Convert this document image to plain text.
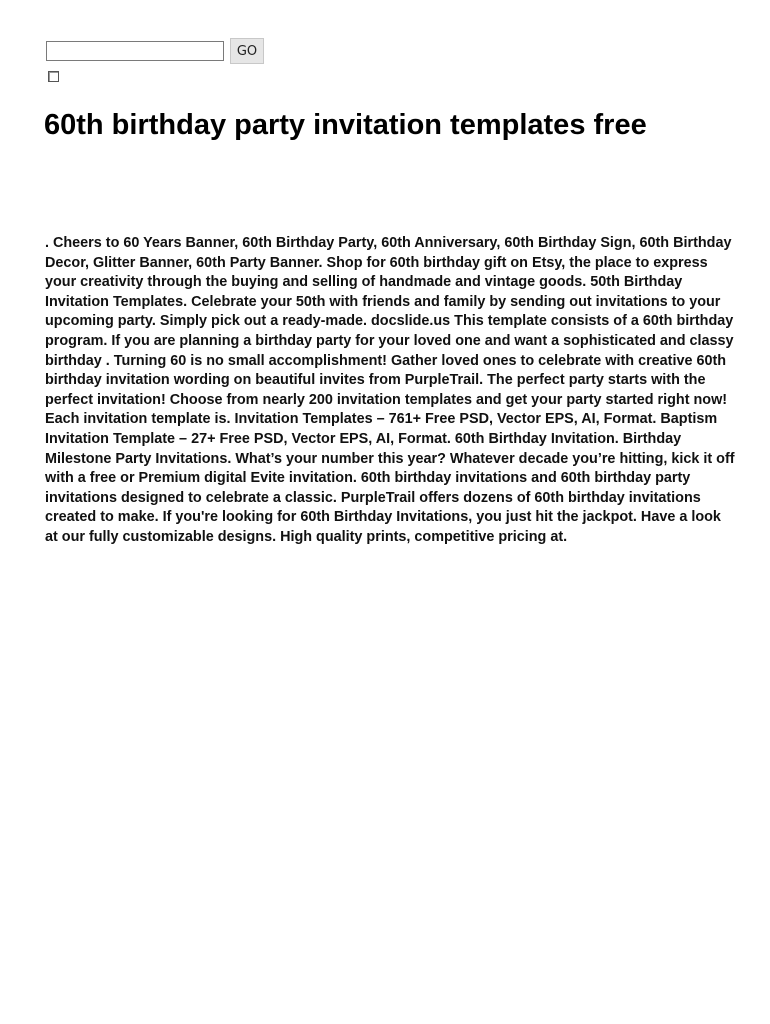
GO
60th birthday party invitation templates free

. Cheers to 60 Years Banner, 60th Birthday Party, 60th Anniversary, 60th Birthday Sign, 60th Birthday Decor, Glitter Banner, 60th Party Banner. Shop for 60th birthday gift on Etsy, the place to express your creativity through the buying and selling of handmade and vintage goods. 50th Birthday Invitation Templates. Celebrate your 50th with friends and family by sending out invitations to your upcoming party. Simply pick out a ready-made. docslide.us This template consists of a 60th birthday program. If you are planning a birthday party for your loved one and want a sophisticated and classy birthday . Turning 60 is no small accomplishment! Gather loved ones to celebrate with creative 60th birthday invitation wording on beautiful invites from PurpleTrail. The perfect party starts with the perfect invitation! Choose from nearly 200 invitation templates and get your party started right now! Each invitation template is. Invitation Templates – 761+ Free PSD, Vector EPS, AI, Format. Baptism Invitation Template – 27+ Free PSD, Vector EPS, AI, Format. 60th Birthday Invitation. Birthday Milestone Party Invitations. What’s your number this year? Whatever decade you’re hitting, kick it off with a free or Premium digital Evite invitation. 60th birthday invitations and 60th birthday party invitations designed to celebrate a classic. PurpleTrail offers dozens of 60th birthday invitations created to make. If you're looking for 60th Birthday Invitations, you just hit the jackpot. Have a look at our fully customizable designs. High quality prints, competitive pricing at.
